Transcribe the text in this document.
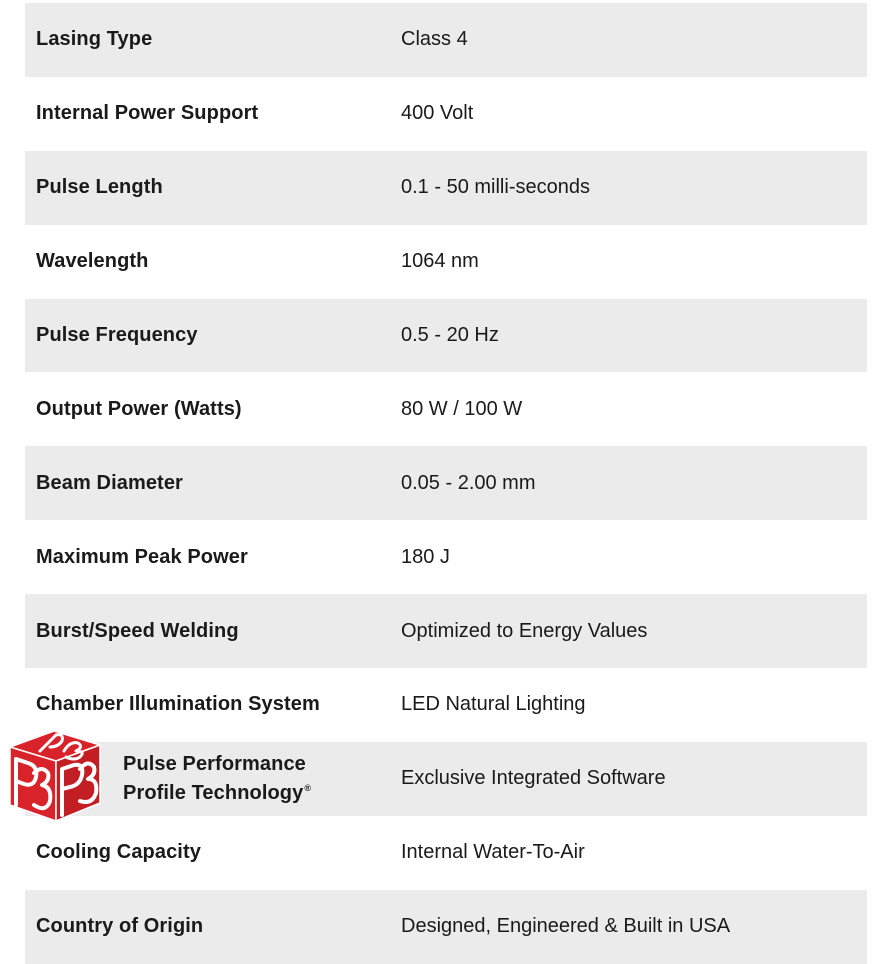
Lasing Type	Class 4
Internal Power Support	400 Volt
Pulse Length	0.1 - 50 milli-seconds
Wavelength	1064 nm
Pulse Frequency	0.5 - 20 Hz
Output Power (Watts)	80 W / 100 W
Beam Diameter	0.05 - 2.00 mm
Maximum Peak Power	180 J
Burst/Speed Welding	Optimized to Energy Values
Chamber Illumination System	LED Natural Lighting
Pulse Performance
Profile Technology®	Exclusive Integrated Software
Cooling Capacity	Internal Water-To-Air
Country of Origin	Designed, Engineered & Built in USA
